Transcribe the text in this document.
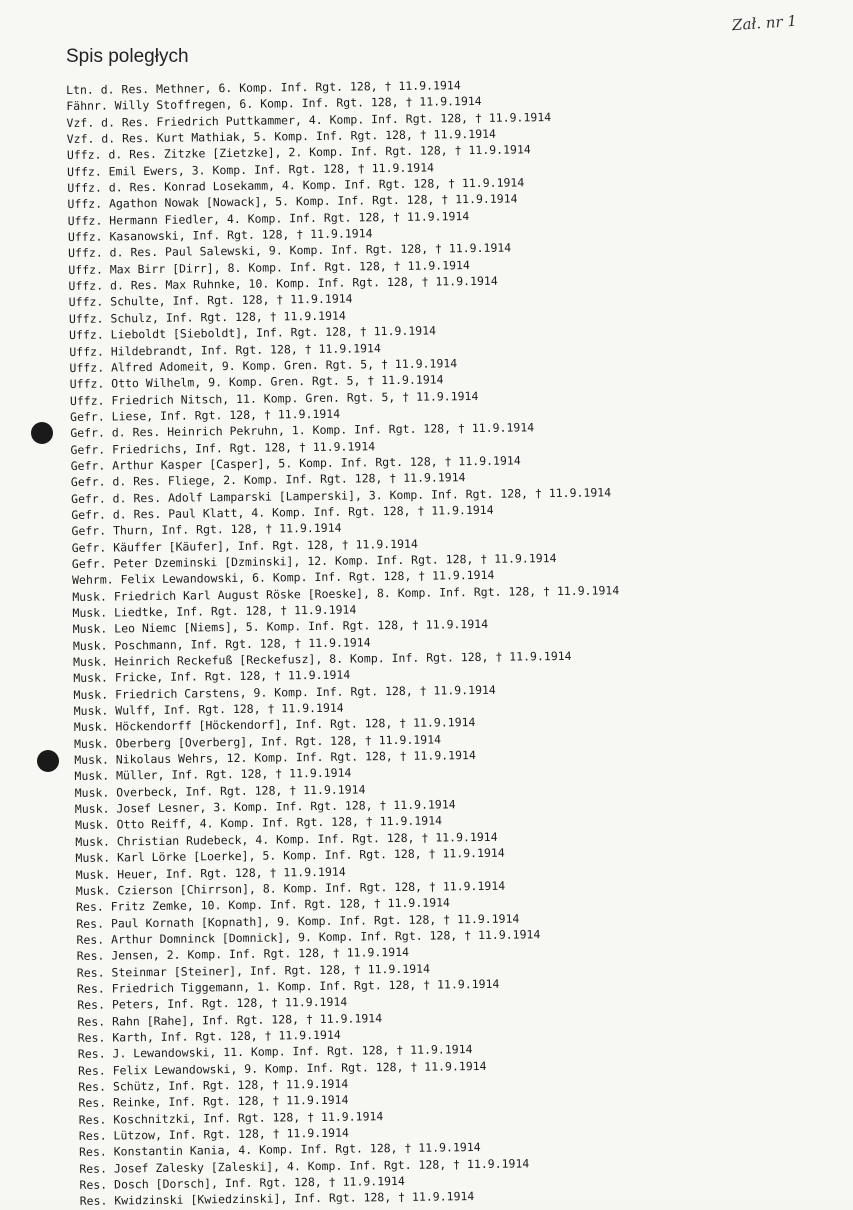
Zał. nr 1
Spis poległych
Ltn. d. Res. Methner, 6. Komp. Inf. Rgt. 128, † 11.9.1914
Fähnr. Willy Stoffregen, 6. Komp. Inf. Rgt. 128, † 11.9.1914
Vzf. d. Res. Friedrich Puttkammer, 4. Komp. Inf. Rgt. 128, † 11.9.1914
Vzf. d. Res. Kurt Mathiak, 5. Komp. Inf. Rgt. 128, † 11.9.1914
Uffz. d. Res. Zitzke [Zietzke], 2. Komp. Inf. Rgt. 128, † 11.9.1914
Uffz. Emil Ewers, 3. Komp. Inf. Rgt. 128, † 11.9.1914
Uffz. d. Res. Konrad Losekamm, 4. Komp. Inf. Rgt. 128, † 11.9.1914
Uffz. Agathon Nowak [Nowack], 5. Komp. Inf. Rgt. 128, † 11.9.1914
Uffz. Hermann Fiedler, 4. Komp. Inf. Rgt. 128, † 11.9.1914
Uffz. Kasanowski, Inf. Rgt. 128, † 11.9.1914
Uffz. d. Res. Paul Salewski, 9. Komp. Inf. Rgt. 128, † 11.9.1914
Uffz. Max Birr [Dirr], 8. Komp. Inf. Rgt. 128, † 11.9.1914
Uffz. d. Res. Max Ruhnke, 10. Komp. Inf. Rgt. 128, † 11.9.1914
Uffz. Schulte, Inf. Rgt. 128, † 11.9.1914
Uffz. Schulz, Inf. Rgt. 128, † 11.9.1914
Uffz. Lieboldt [Sieboldt], Inf. Rgt. 128, † 11.9.1914
Uffz. Hildebrandt, Inf. Rgt. 128, † 11.9.1914
Uffz. Alfred Adomeit, 9. Komp. Gren. Rgt. 5, † 11.9.1914
Uffz. Otto Wilhelm, 9. Komp. Gren. Rgt. 5, † 11.9.1914
Uffz. Friedrich Nitsch, 11. Komp. Gren. Rgt. 5, † 11.9.1914
Gefr. Liese, Inf. Rgt. 128, † 11.9.1914
Gefr. d. Res. Heinrich Pekruhn, 1. Komp. Inf. Rgt. 128, † 11.9.1914
Gefr. Friedrichs, Inf. Rgt. 128, † 11.9.1914
Gefr. Arthur Kasper [Casper], 5. Komp. Inf. Rgt. 128, † 11.9.1914
Gefr. d. Res. Fliege, 2. Komp. Inf. Rgt. 128, † 11.9.1914
Gefr. d. Res. Adolf Lamparski [Lamperski], 3. Komp. Inf. Rgt. 128, † 11.9.1914
Gefr. d. Res. Paul Klatt, 4. Komp. Inf. Rgt. 128, † 11.9.1914
Gefr. Thurn, Inf. Rgt. 128, † 11.9.1914
Gefr. Käuffer [Käufer], Inf. Rgt. 128, † 11.9.1914
Gefr. Peter Dzeminski [Dzminski], 12. Komp. Inf. Rgt. 128, † 11.9.1914
Wehrm. Felix Lewandowski, 6. Komp. Inf. Rgt. 128, † 11.9.1914
Musk. Friedrich Karl August Röske [Roeske], 8. Komp. Inf. Rgt. 128, † 11.9.1914
Musk. Liedtke, Inf. Rgt. 128, † 11.9.1914
Musk. Leo Niemc [Niems], 5. Komp. Inf. Rgt. 128, † 11.9.1914
Musk. Poschmann, Inf. Rgt. 128, † 11.9.1914
Musk. Heinrich Reckefuß [Reckefusz], 8. Komp. Inf. Rgt. 128, † 11.9.1914
Musk. Fricke, Inf. Rgt. 128, † 11.9.1914
Musk. Friedrich Carstens, 9. Komp. Inf. Rgt. 128, † 11.9.1914
Musk. Wulff, Inf. Rgt. 128, † 11.9.1914
Musk. Höckendorff [Höckendorf], Inf. Rgt. 128, † 11.9.1914
Musk. Oberberg [Overberg], Inf. Rgt. 128, † 11.9.1914
Musk. Nikolaus Wehrs, 12. Komp. Inf. Rgt. 128, † 11.9.1914
Musk. Müller, Inf. Rgt. 128, † 11.9.1914
Musk. Overbeck, Inf. Rgt. 128, † 11.9.1914
Musk. Josef Lesner, 3. Komp. Inf. Rgt. 128, † 11.9.1914
Musk. Otto Reiff, 4. Komp. Inf. Rgt. 128, † 11.9.1914
Musk. Christian Rudebeck, 4. Komp. Inf. Rgt. 128, † 11.9.1914
Musk. Karl Lörke [Loerke], 5. Komp. Inf. Rgt. 128, † 11.9.1914
Musk. Heuer, Inf. Rgt. 128, † 11.9.1914
Musk. Czierson [Chirrson], 8. Komp. Inf. Rgt. 128, † 11.9.1914
Res. Fritz Zemke, 10. Komp. Inf. Rgt. 128, † 11.9.1914
Res. Paul Kornath [Kopnath], 9. Komp. Inf. Rgt. 128, † 11.9.1914
Res. Arthur Domninck [Domnick], 9. Komp. Inf. Rgt. 128, † 11.9.1914
Res. Jensen, 2. Komp. Inf. Rgt. 128, † 11.9.1914
Res. Steinmar [Steiner], Inf. Rgt. 128, † 11.9.1914
Res. Friedrich Tiggemann, 1. Komp. Inf. Rgt. 128, † 11.9.1914
Res. Peters, Inf. Rgt. 128, † 11.9.1914
Res. Rahn [Rahe], Inf. Rgt. 128, † 11.9.1914
Res. Karth, Inf. Rgt. 128, † 11.9.1914
Res. J. Lewandowski, 11. Komp. Inf. Rgt. 128, † 11.9.1914
Res. Felix Lewandowski, 9. Komp. Inf. Rgt. 128, † 11.9.1914
Res. Schütz, Inf. Rgt. 128, † 11.9.1914
Res. Reinke, Inf. Rgt. 128, † 11.9.1914
Res. Koschnitzki, Inf. Rgt. 128, † 11.9.1914
Res. Lützow, Inf. Rgt. 128, † 11.9.1914
Res. Konstantin Kania, 4. Komp. Inf. Rgt. 128, † 11.9.1914
Res. Josef Zalesky [Zaleski], 4. Komp. Inf. Rgt. 128, † 11.9.1914
Res. Dosch [Dorsch], Inf. Rgt. 128, † 11.9.1914
Res. Kwidzinski [Kwiedzinski], Inf. Rgt. 128, † 11.9.1914
